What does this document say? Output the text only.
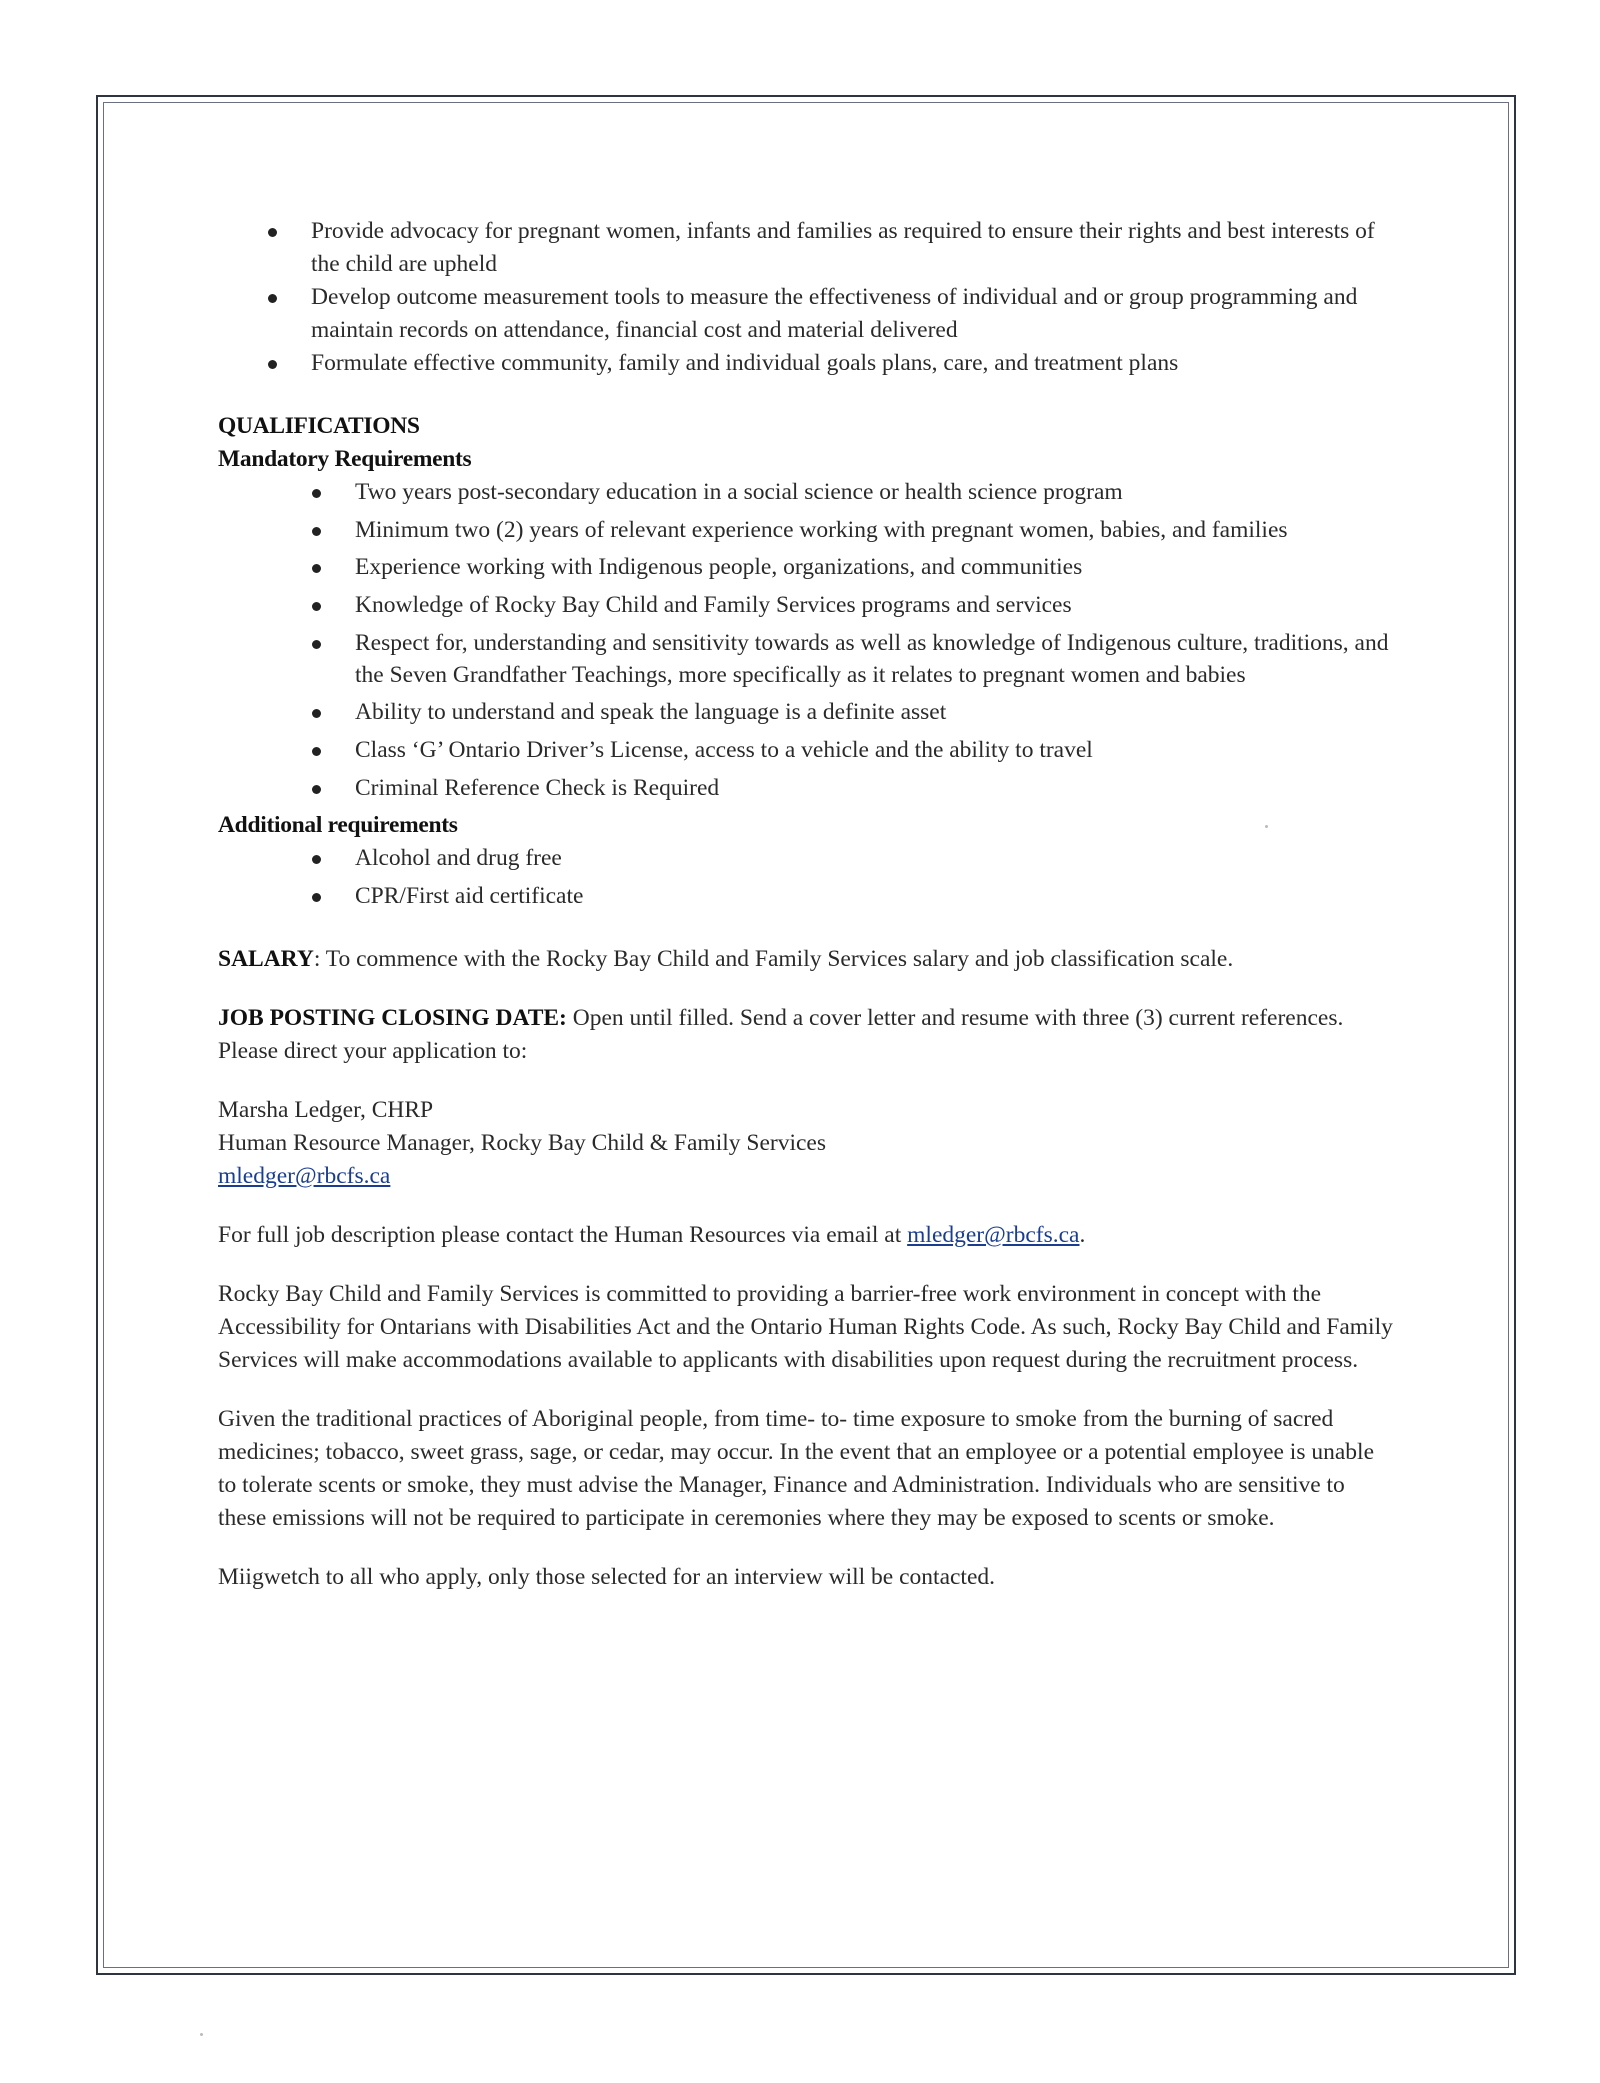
Provide advocacy for pregnant women, infants and families as required to ensure their rights and best interests of the child are upheld
Develop outcome measurement tools to measure the effectiveness of individual and or group programming and maintain records on attendance, financial cost and material delivered
Formulate effective community, family and individual goals plans, care, and treatment plans
QUALIFICATIONS
Mandatory Requirements
Two years post-secondary education in a social science or health science program
Minimum two (2) years of relevant experience working with pregnant women, babies, and families
Experience working with Indigenous people, organizations, and communities
Knowledge of Rocky Bay Child and Family Services programs and services
Respect for, understanding and sensitivity towards as well as knowledge of Indigenous culture, traditions, and the Seven Grandfather Teachings, more specifically as it relates to pregnant women and babies
Ability to understand and speak the language is a definite asset
Class ‘G’ Ontario Driver’s License, access to a vehicle and the ability to travel
Criminal Reference Check is Required
Additional requirements
Alcohol and drug free
CPR/First aid certificate

SALARY: To commence with the Rocky Bay Child and Family Services salary and job classification scale.

JOB POSTING CLOSING DATE: Open until filled. Send a cover letter and resume with three (3) current references. Please direct your application to:

Marsha Ledger, CHRP
Human Resource Manager, Rocky Bay Child & Family Services
mledger@rbcfs.ca

For full job description please contact the Human Resources via email at mledger@rbcfs.ca.

Rocky Bay Child and Family Services is committed to providing a barrier-free work environment in concept with the Accessibility for Ontarians with Disabilities Act and the Ontario Human Rights Code. As such, Rocky Bay Child and Family Services will make accommodations available to applicants with disabilities upon request during the recruitment process.

Given the traditional practices of Aboriginal people, from time- to- time exposure to smoke from the burning of sacred medicines; tobacco, sweet grass, sage, or cedar, may occur. In the event that an employee or a potential employee is unable to tolerate scents or smoke, they must advise the Manager, Finance and Administration. Individuals who are sensitive to these emissions will not be required to participate in ceremonies where they may be exposed to scents or smoke.

Miigwetch to all who apply, only those selected for an interview will be contacted.
